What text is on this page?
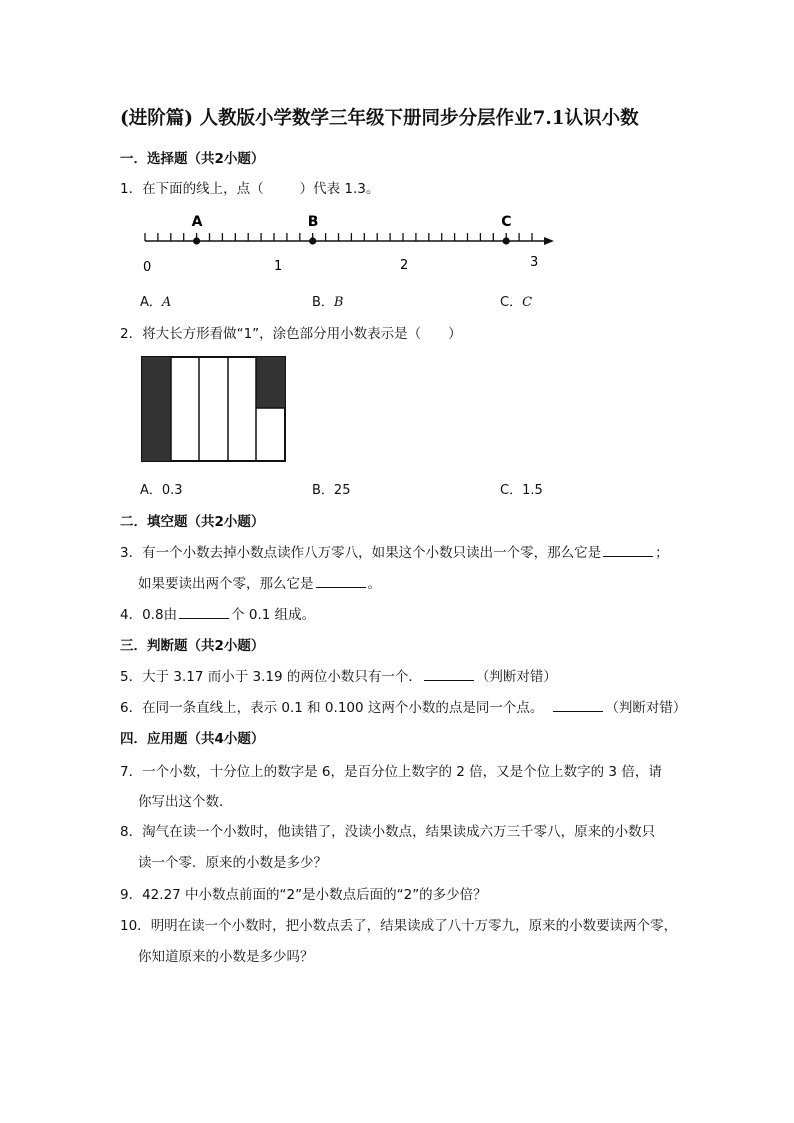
(进阶篇) 人教版小学数学三年级下册同步分层作业7.1认识小数
一．选择题（共2小题）
1．在下面的线上，点（	）代表 1.3。
A	B	C
0	1	2	3
A．A	B．B	C．C
2．将大长方形看做“1”，涂色部分用小数表示是（　　）
A．0.3	B．25	C．1.5
二．填空题（共2小题）
3．有一个小数去掉小数点读作八万零八，如果这个小数只读出一个零，那么它是	；
如果要读出两个零，那么它是	。
4．0.8由	个 0.1 组成。
三．判断题（共2小题）
5．大于 3.17 而小于 3.19 的两位小数只有一个．	（判断对错）
6．在同一条直线上，表示 0.1 和 0.100 这两个小数的点是同一个点。	（判断对错）
四．应用题（共4小题）
7．一个小数，十分位上的数字是 6，是百分位上数字的 2 倍，又是个位上数字的 3 倍，请
你写出这个数．
8．淘气在读一个小数时，他读错了，没读小数点，结果读成六万三千零八，原来的小数只
读一个零．原来的小数是多少？
9．42.27 中小数点前面的“2”是小数点后面的“2”的多少倍？
10．明明在读一个小数时，把小数点丢了，结果读成了八十万零九，原来的小数要读两个零，
你知道原来的小数是多少吗？
